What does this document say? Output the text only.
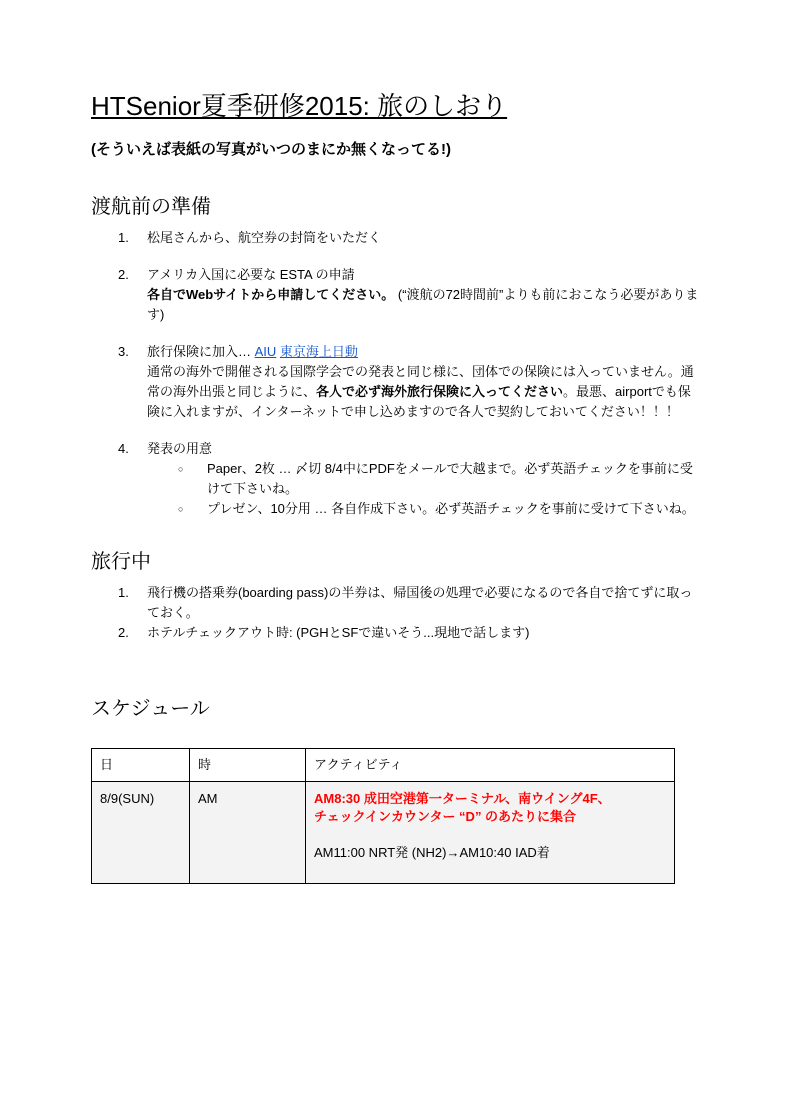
HTSenior夏季研修2015: 旅のしおり

(そういえば表紙の写真がいつのまにか無くなってる!)

渡航前の準備
1.	松尾さんから、航空券の封筒をいただく
2.	アメリカ入国に必要な ESTA の申請
各自でWebサイトから申請してください。 (“渡航の72時間前”よりも前におこなう必要があります)
3.	旅行保険に加入… AIU 東京海上日動
通常の海外で開催される国際学会での発表と同じ様に、団体での保険には入っていません。通常の海外出張と同じように、各人で必ず海外旅行保険に入ってください。最悪、airportでも保険に入れますが、インターネットで申し込めますので各人で契約しておいてください！！！
4.	発表の用意
○	Paper、2枚 … 〆切 8/4中にPDFをメールで大越まで。必ず英語チェックを事前に受けて下さいね。
○	プレゼン、10分用 … 各自作成下さい。必ず英語チェックを事前に受けて下さいね。
旅行中
1.	飛行機の搭乗券(boarding pass)の半券は、帰国後の処理で必要になるので各自で捨てずに取っておく。
2.	ホテルチェックアウト時: (PGHとSFで違いそう...現地で話します)
スケジュール
日	時	アクティビティ
8/9(SUN)	AM	AM8:30 成田空港第一ターミナル、南ウイング4F、
チェックインカウンター “D” のあたりに集合
AM11:00 NRT発 (NH2)→AM10:40 IAD着
